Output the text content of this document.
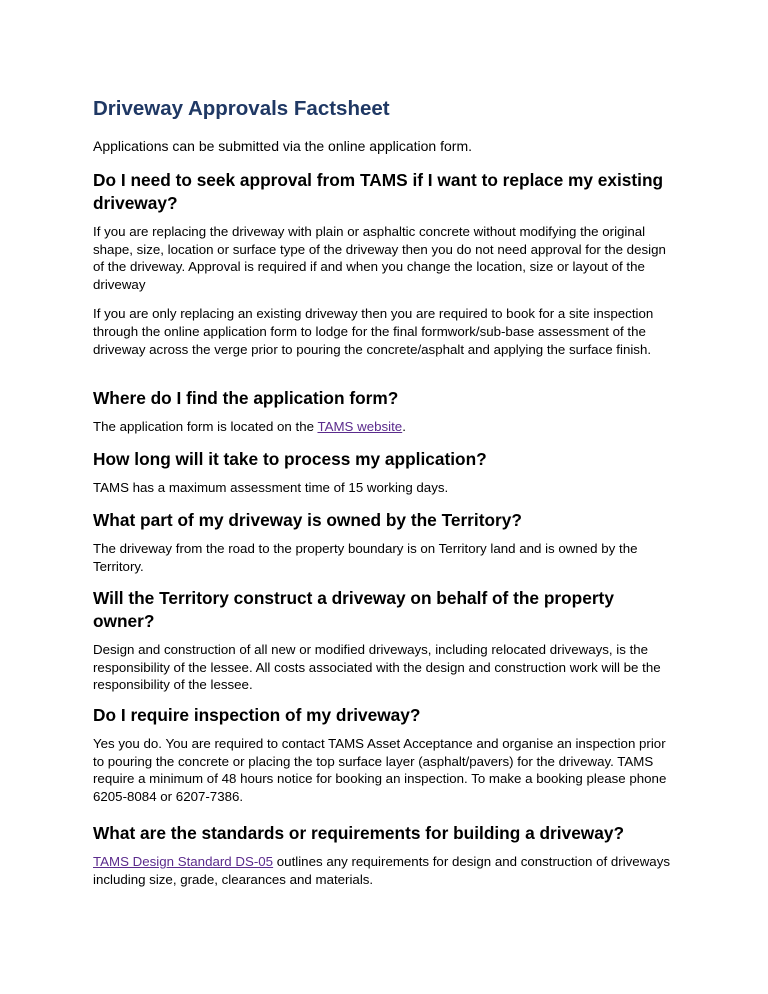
Driveway Approvals Factsheet

Applications can be submitted via the online application form.

Do I need to seek approval from TAMS if I want to replace my existing driveway?

If you are replacing the driveway with plain or asphaltic concrete without modifying the original shape, size, location or surface type of the driveway then you do not need approval for the design of the driveway. Approval is required if and when you change the location, size or layout of the driveway

If you are only replacing an existing driveway then you are required to book for a site inspection through the online application form to lodge for the final formwork/sub-base assessment of the driveway across the verge prior to pouring the concrete/asphalt and applying the surface finish.

Where do I find the application form?

The application form is located on the TAMS website.

How long will it take to process my application?

TAMS has a maximum assessment time of 15 working days.

What part of my driveway is owned by the Territory?

The driveway from the road to the property boundary is on Territory land and is owned by the Territory.

Will the Territory construct a driveway on behalf of the property owner?

Design and construction of all new or modified driveways, including relocated driveways, is the responsibility of the lessee. All costs associated with the design and construction work will be the responsibility of the lessee.

Do I require inspection of my driveway?

Yes you do. You are required to contact TAMS Asset Acceptance and organise an inspection prior to pouring the concrete or placing the top surface layer (asphalt/pavers) for the driveway. TAMS require a minimum of 48 hours notice for booking an inspection. To make a booking please phone 6205-8084 or 6207-7386.

What are the standards or requirements for building a driveway?

TAMS Design Standard DS-05 outlines any requirements for design and construction of driveways including size, grade, clearances and materials.
